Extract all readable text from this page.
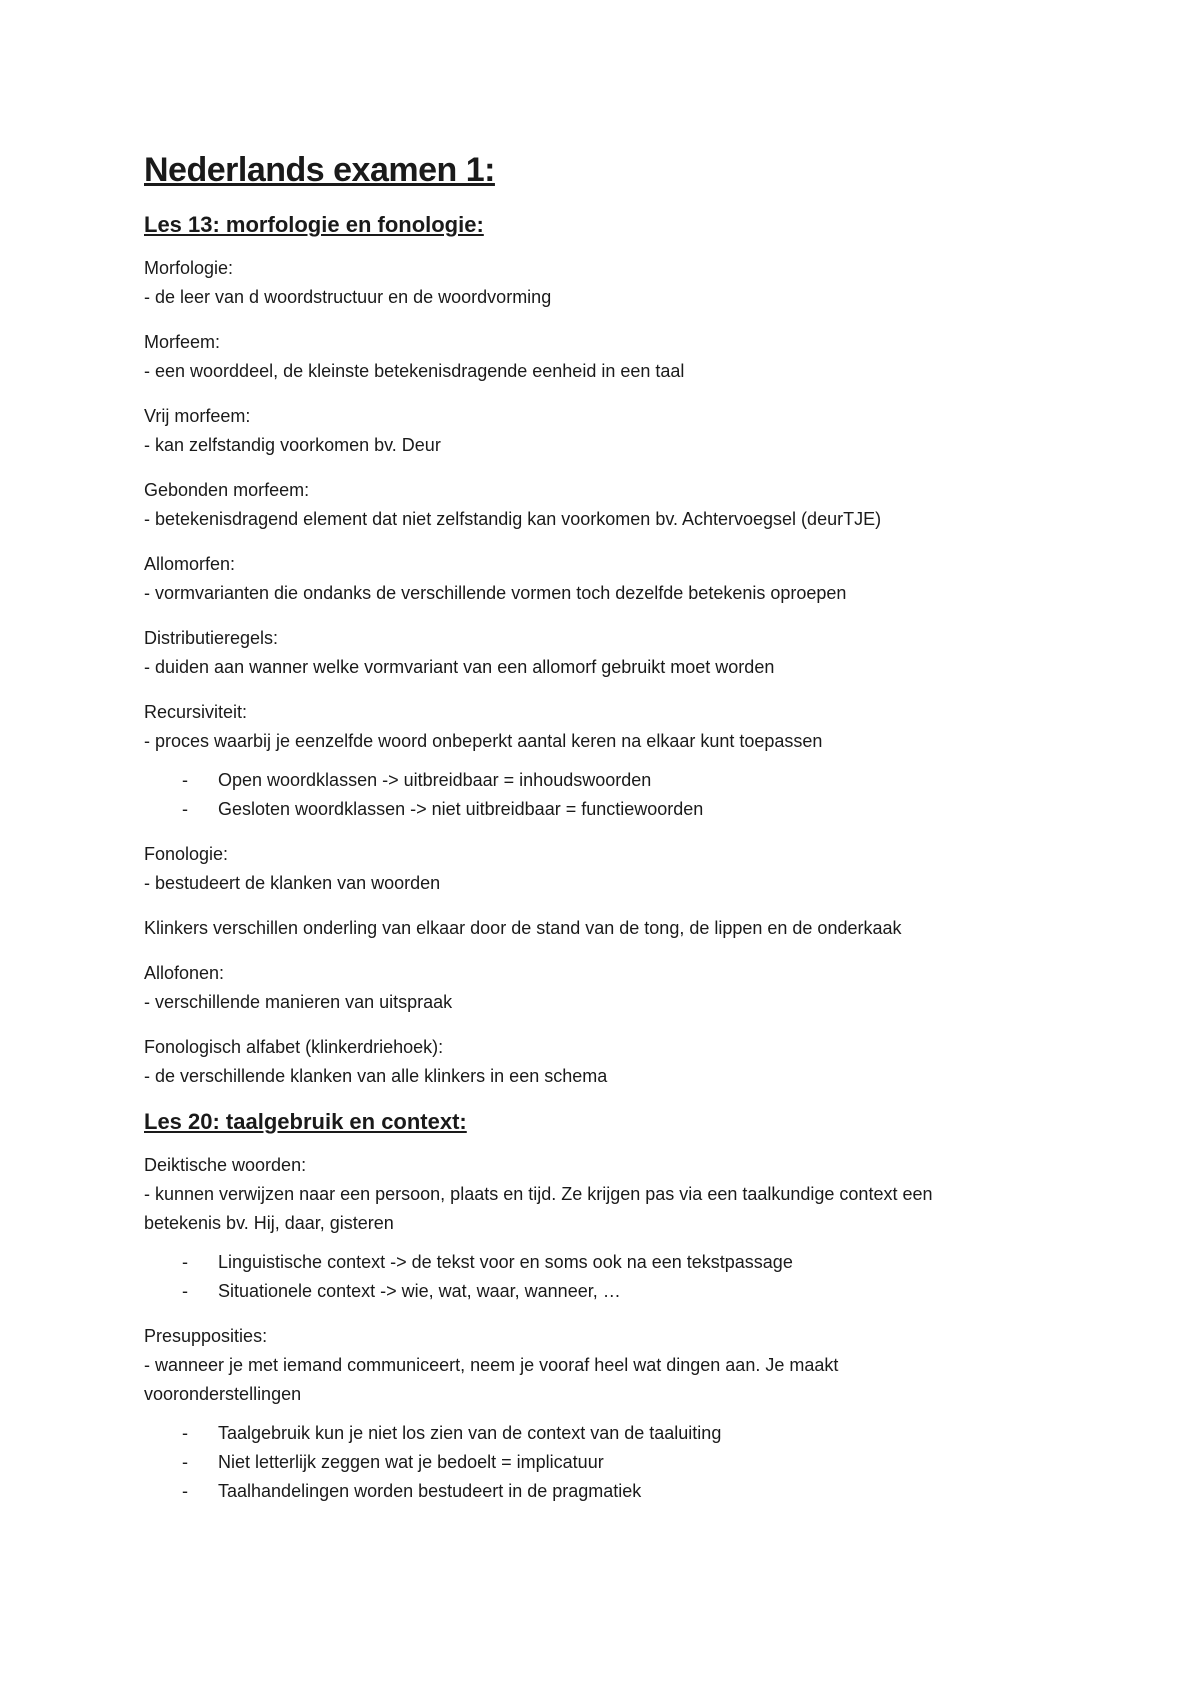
Nederlands examen 1:
Les 13: morfologie en fonologie:

Morfologie:

- de leer van d woordstructuur en de woordvorming

Morfeem:

- een woorddeel, de kleinste betekenisdragende eenheid in een taal

Vrij morfeem:

- kan zelfstandig voorkomen bv. Deur

Gebonden morfeem:

- betekenisdragend element dat niet zelfstandig kan voorkomen bv. Achtervoegsel (deurTJE)

Allomorfen:

- vormvarianten die ondanks de verschillende vormen toch dezelfde betekenis oproepen

Distributieregels:

- duiden aan wanner welke vormvariant van een allomorf gebruikt moet worden

Recursiviteit:

- proces waarbij je eenzelfde woord onbeperkt aantal keren na elkaar kunt toepassen

- Open woordklassen -> uitbreidbaar = inhoudswoorden
- Gesloten woordklassen -> niet uitbreidbaar = functiewoorden

Fonologie:

- bestudeert de klanken van woorden

Klinkers verschillen onderling van elkaar door de stand van de tong, de lippen en de onderkaak

Allofonen:

- verschillende manieren van uitspraak

Fonologisch alfabet (klinkerdriehoek):

- de verschillende klanken van alle klinkers in een schema

Les 20: taalgebruik en context:

Deiktische woorden:

- kunnen verwijzen naar een persoon, plaats en tijd. Ze krijgen pas via een taalkundige context een

betekenis bv. Hij, daar, gisteren

- Linguistische context -> de tekst voor en soms ook na een tekstpassage
- Situationele context -> wie, wat, waar, wanneer, …

Presupposities:

- wanneer je met iemand communiceert, neem je vooraf heel wat dingen aan. Je maakt

vooronderstellingen

- Taalgebruik kun je niet los zien van de context van de taaluiting
- Niet letterlijk zeggen wat je bedoelt = implicatuur
- Taalhandelingen worden bestudeert in de pragmatiek
